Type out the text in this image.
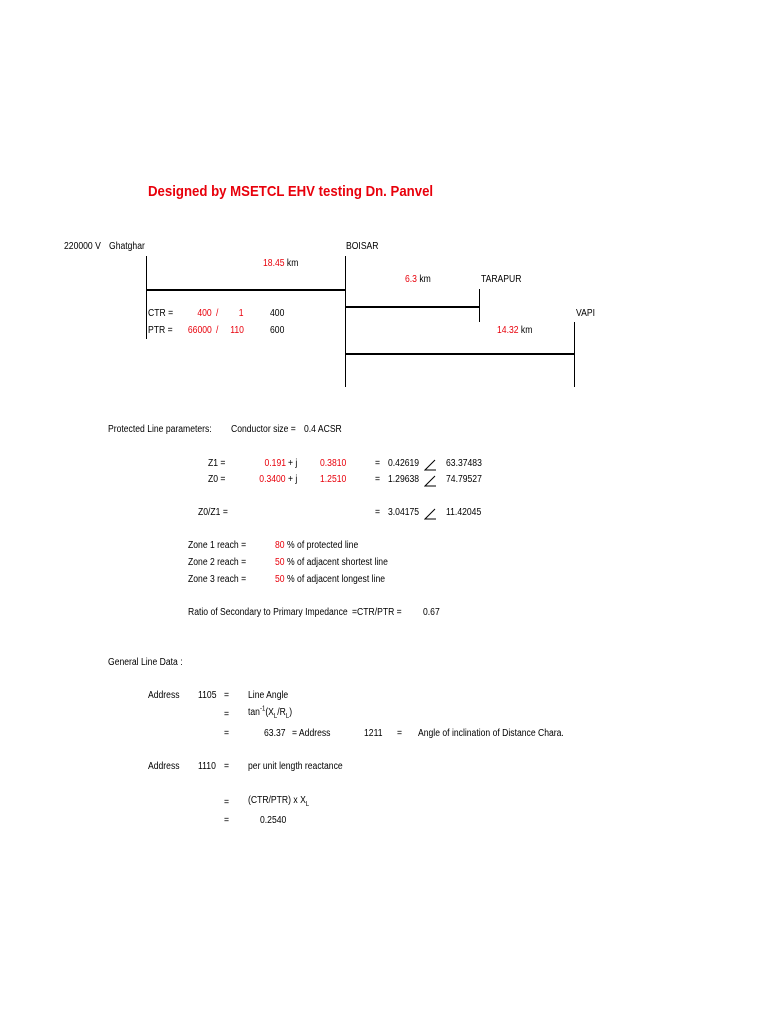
Designed by MSETCL EHV testing Dn. Panvel
220000 V Ghatghar	BOISAR
TARAPUR
VAPI
18.45 km
6.3 km
14.32 km
CTR = 400 / 1	400
PTR = 66000 / 110	600
Protected Line parameters: Conductor size = 0.4 ACSR
Z1 =	0.191 + j 0.3810	= 0.42619	63.37483
Z0 =	0.3400 + j 1.2510	= 1.29638	74.79527
Z0/Z1 =	= 3.04175	11.42045
Zone 1 reach =	80 % of protected line
Zone 2 reach =	50 % of adjacent shortest line
Zone 3 reach =	50 % of adjacent longest line
Ratio of Secondary to Primary Impedance =CTR/PTR = 0.67
General Line Data :
Address 1105 = Line Angle
= $\tan^{-1}(X_L/R_L)$
=	63.37 = Address	1211 = Angle of inclination of Distance Chara.
Address 1110 = per unit length reactance
= (CTR/PTR) x $X_L$
=	0.2540
